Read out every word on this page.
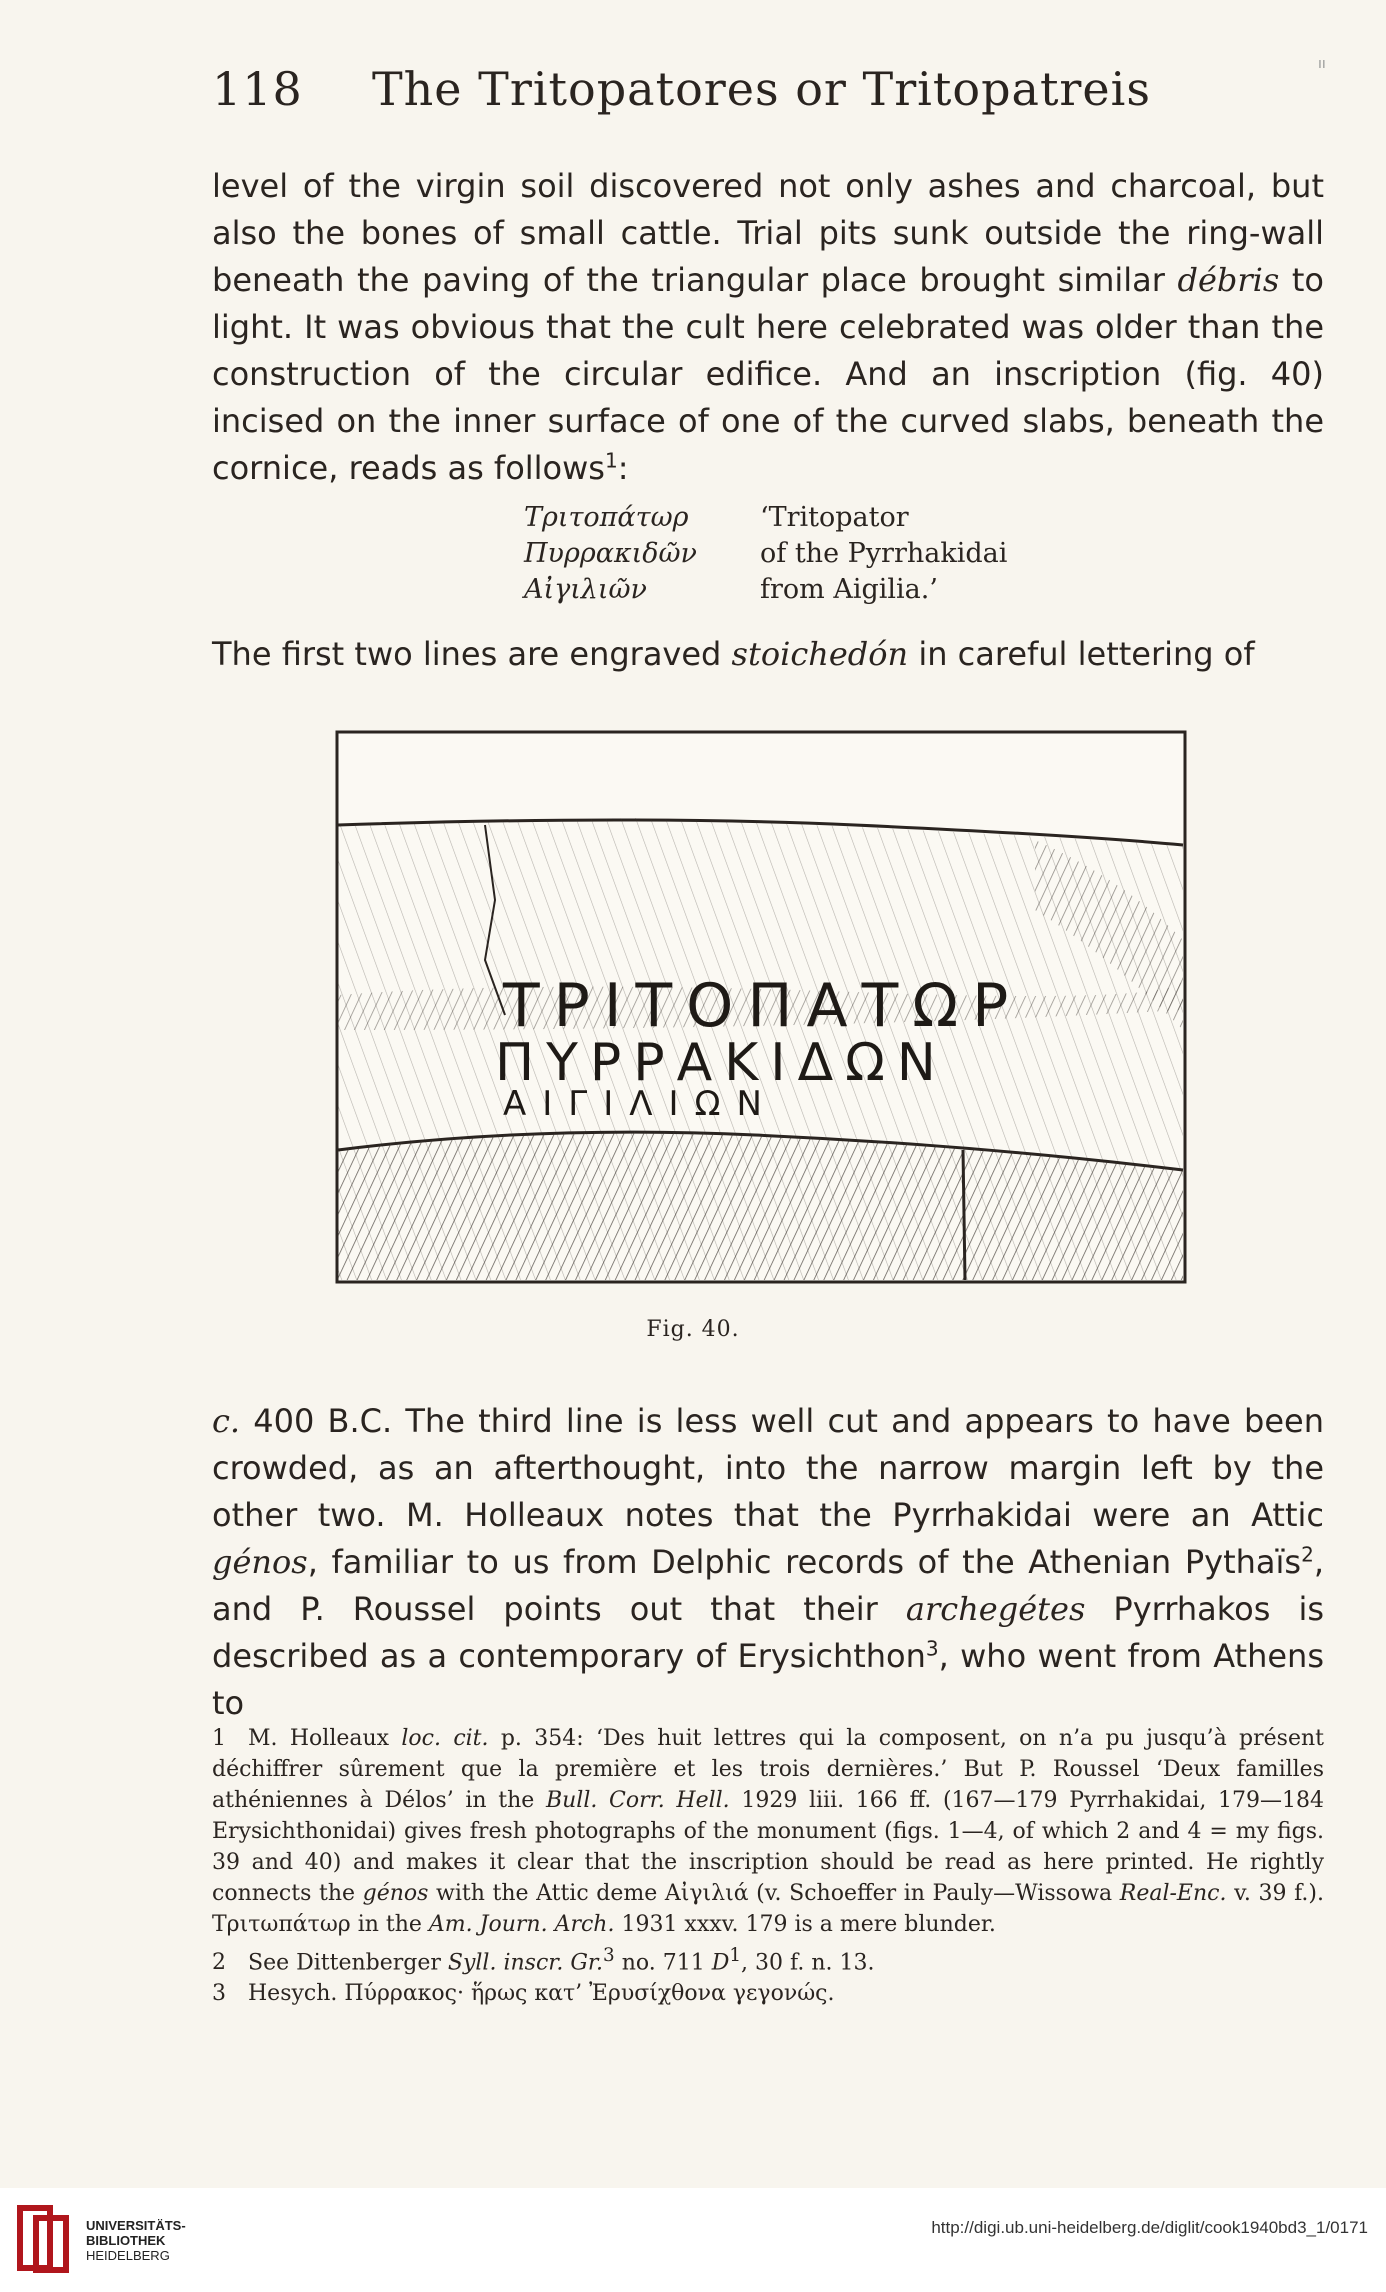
118 The Tritopatores or Tritopatreis

level of the virgin soil discovered not only ashes and charcoal, but also the bones of small cattle. Trial pits sunk outside the ring-wall beneath the paving of the triangular place brought similar débris to light. It was obvious that the cult here celebrated was older than the construction of the circular edifice. And an inscription (fig. 40) incised on the inner surface of one of the curved slabs, beneath the cornice, reads as follows$^1$:

Τριτοπάτωρ	‘Tritopator
Πυρρακιδῶν	of the Pyrrhakidai
Αἰγιλιῶν	from Aigilia.’

The first two lines are engraved stoichedón in careful lettering of

ΤΡΙΤΟΠΑΤΩΡ
ΠΥΡΡΑΚΙΔΩΝ
ΑΙΓΙΛΙΩΝ
Fig. 40.

c. 400 B.C. The third line is less well cut and appears to have been crowded, as an afterthought, into the narrow margin left by the other two. M. Holleaux notes that the Pyrrhakidai were an Attic génos, familiar to us from Delphic records of the Athenian Pythaïs$^2$, and P. Roussel points out that their archegétes Pyrrhakos is described as a contemporary of Erysichthon$^3$, who went from Athens to

1 M. Holleaux loc. cit. p. 354: ‘Des huit lettres qui la composent, on n’a pu jusqu’à présent déchiffrer sûrement que la première et les trois dernières.’ But P. Roussel ‘Deux familles athéniennes à Délos’ in the Bull. Corr. Hell. 1929 liii. 166 ff. (167—179 Pyrrhakidai, 179—184 Erysichthonidai) gives fresh photographs of the monument (figs. 1—4, of which 2 and 4 = my figs. 39 and 40) and makes it clear that the inscription should be read as here printed. He rightly connects the génos with the Attic deme Αἰγιλιά (v. Schoeffer in Pauly—Wissowa Real-Enc. v. 39 f.). Τριτωπάτωρ in the Am. Journ. Arch. 1931 xxxv. 179 is a mere blunder.

2 See Dittenberger Syll. inscr. Gr.$^3$ no. 711 $D^1$, 30 f. n. 13.

3 Hesych. Πύρρακος· ἥρως κατ’ Ἐρυσίχθονα γεγονώς.

ıı
UNIVERSITÄTS-
BIBLIOTHEK
HEIDELBERG
http://digi.ub.uni-heidelberg.de/diglit/cook1940bd3_1/0171
